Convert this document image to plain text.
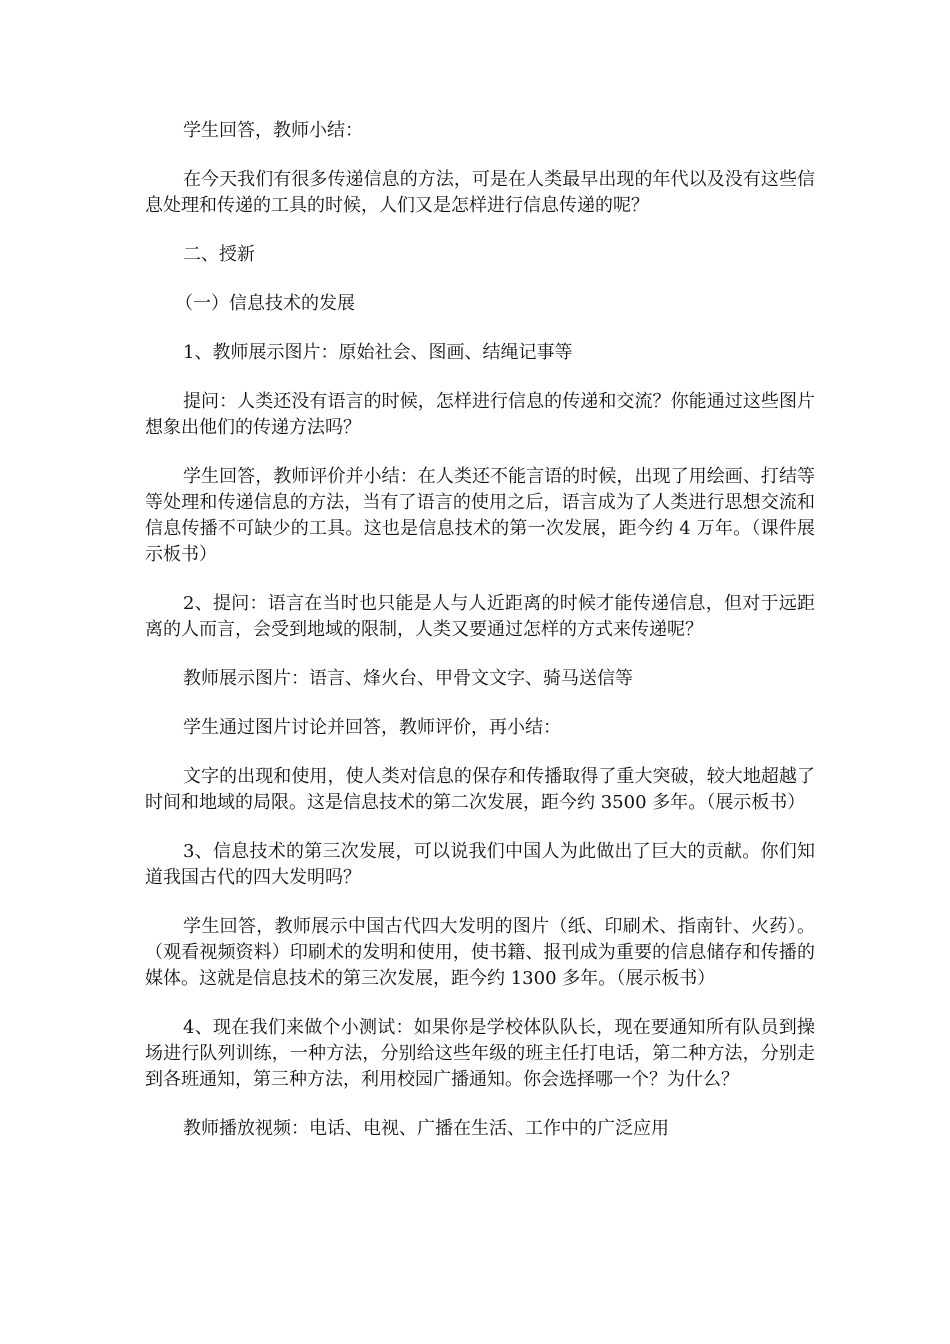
学生回答，教师小结：

在今天我们有很多传递信息的方法，可是在人类最早出现的年代以及没有这些信息处理和传递的工具的时候，人们又是怎样进行信息传递的呢？

二、授新

（一）信息技术的发展

1、教师展示图片：原始社会、图画、结绳记事等

提问：人类还没有语言的时候，怎样进行信息的传递和交流？你能通过这些图片想象出他们的传递方法吗？

学生回答，教师评价并小结：在人类还不能言语的时候，出现了用绘画、打结等等处理和传递信息的方法，当有了语言的使用之后，语言成为了人类进行思想交流和信息传播不可缺少的工具。这也是信息技术的第一次发展，距今约 4 万年。（课件展示板书）

2、提问：语言在当时也只能是人与人近距离的时候才能传递信息，但对于远距离的人而言，会受到地域的限制，人类又要通过怎样的方式来传递呢？

教师展示图片：语言、烽火台、甲骨文文字、骑马送信等

学生通过图片讨论并回答，教师评价，再小结：

文字的出现和使用，使人类对信息的保存和传播取得了重大突破，较大地超越了时间和地域的局限。这是信息技术的第二次发展，距今约 3500 多年。（展示板书）

3、信息技术的第三次发展，可以说我们中国人为此做出了巨大的贡献。你们知道我国古代的四大发明吗？

学生回答，教师展示中国古代四大发明的图片（纸、印刷术、指南针、火药）。（观看视频资料）印刷术的发明和使用，使书籍、报刊成为重要的信息储存和传播的媒体。这就是信息技术的第三次发展，距今约 1300 多年。（展示板书）

4、现在我们来做个小测试：如果你是学校体队队长，现在要通知所有队员到操场进行队列训练，一种方法，分别给这些年级的班主任打电话，第二种方法，分别走到各班通知，第三种方法，利用校园广播通知。你会选择哪一个？为什么？

教师播放视频：电话、电视、广播在生活、工作中的广泛应用
